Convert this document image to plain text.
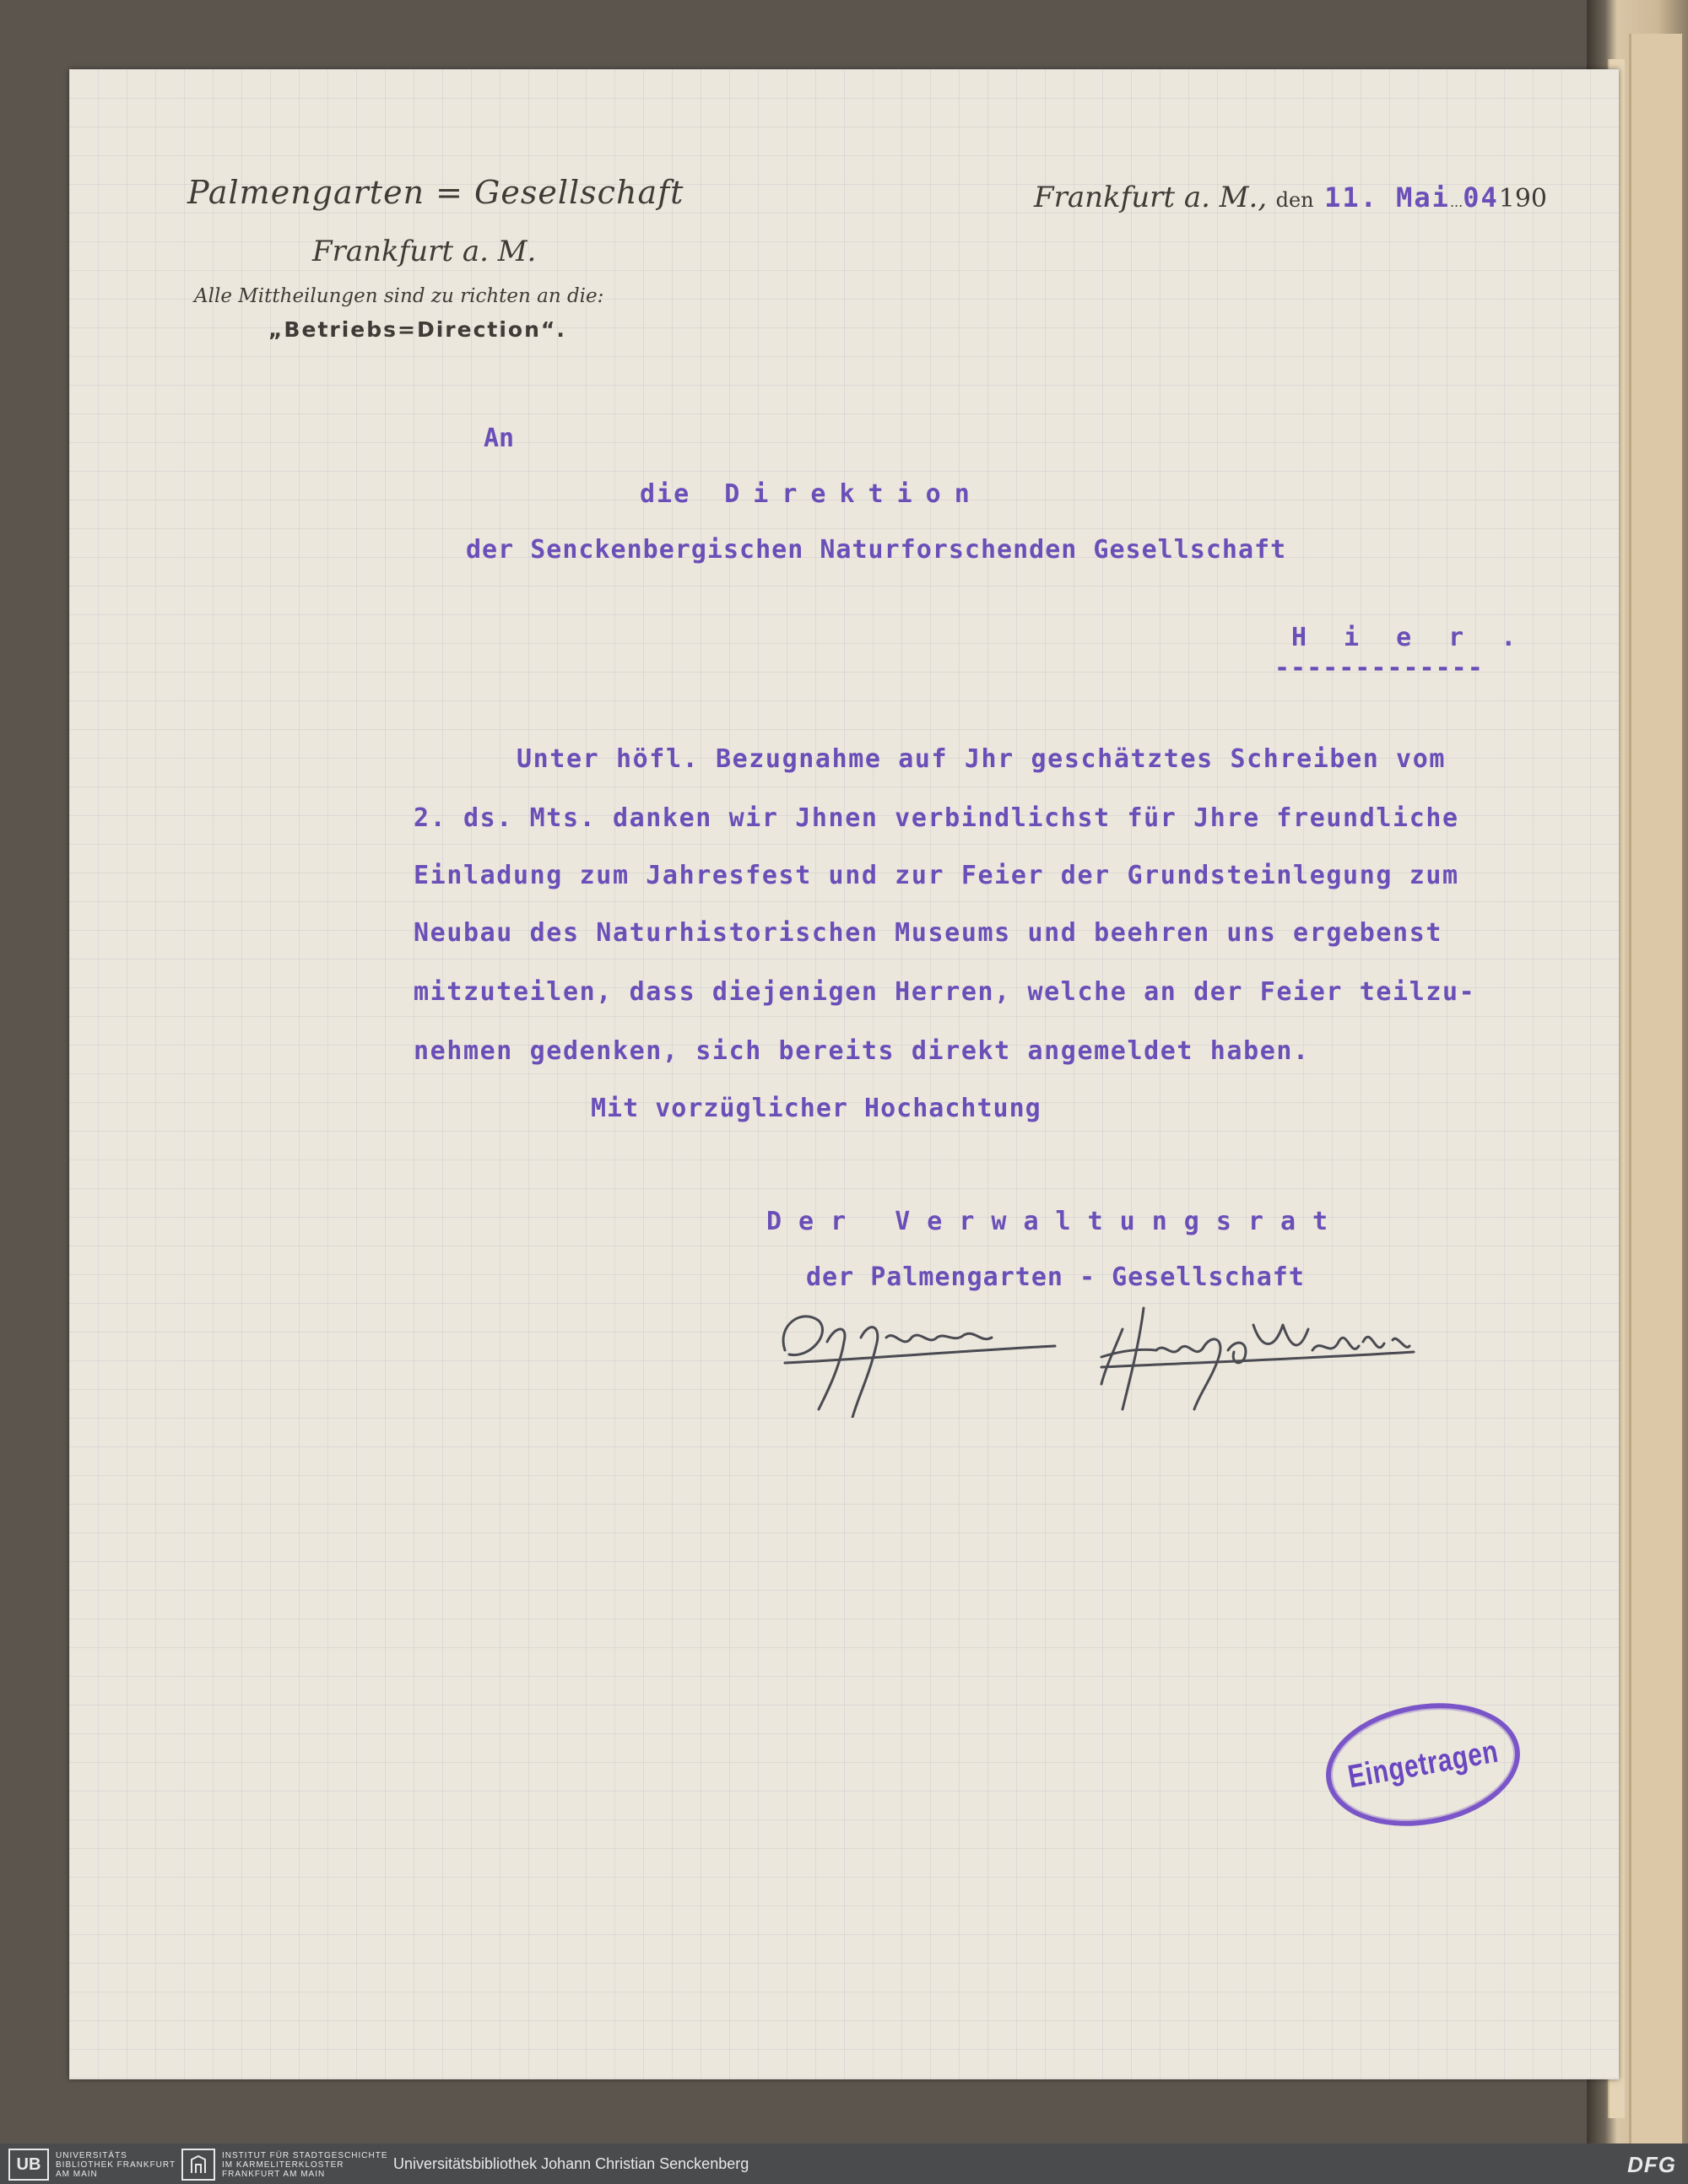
Palmengarten = Gesellschaft
Frankfurt a. M.
Alle Mittheilungen sind zu richten an die:
„Betriebs=Direction“.
Frankfurt a. M., den 11. Mai...04190
An
die Direktion
der Senckenbergischen Naturforschenden Gesellschaft
Hier.
-------------
Unter höfl. Bezugnahme auf Jhr geschätztes Schreiben vom
2. ds. Mts. danken wir Jhnen verbindlichst für Jhre freundliche
Einladung zum Jahresfest und zur Feier der Grundsteinlegung zum
Neubau des Naturhistorischen Museums und beehren uns ergebenst
mitzuteilen, dass diejenigen Herren, welche an der Feier teilzu-
nehmen gedenken, sich bereits direkt angemeldet haben.
Mit vorzüglicher Hochachtung
Der Verwaltungsrat
der Palmengarten - Gesellschaft
Eingetragen
UB	UNIVERSITÄTS BIBLIOTHEK FRANKFURT AM MAIN
INSTITUT FÜR STADTGESCHICHTE IM KARMELITERKLOSTER FRANKFURT AM MAIN
Universitätsbibliothek Johann Christian Senckenberg	DFG
